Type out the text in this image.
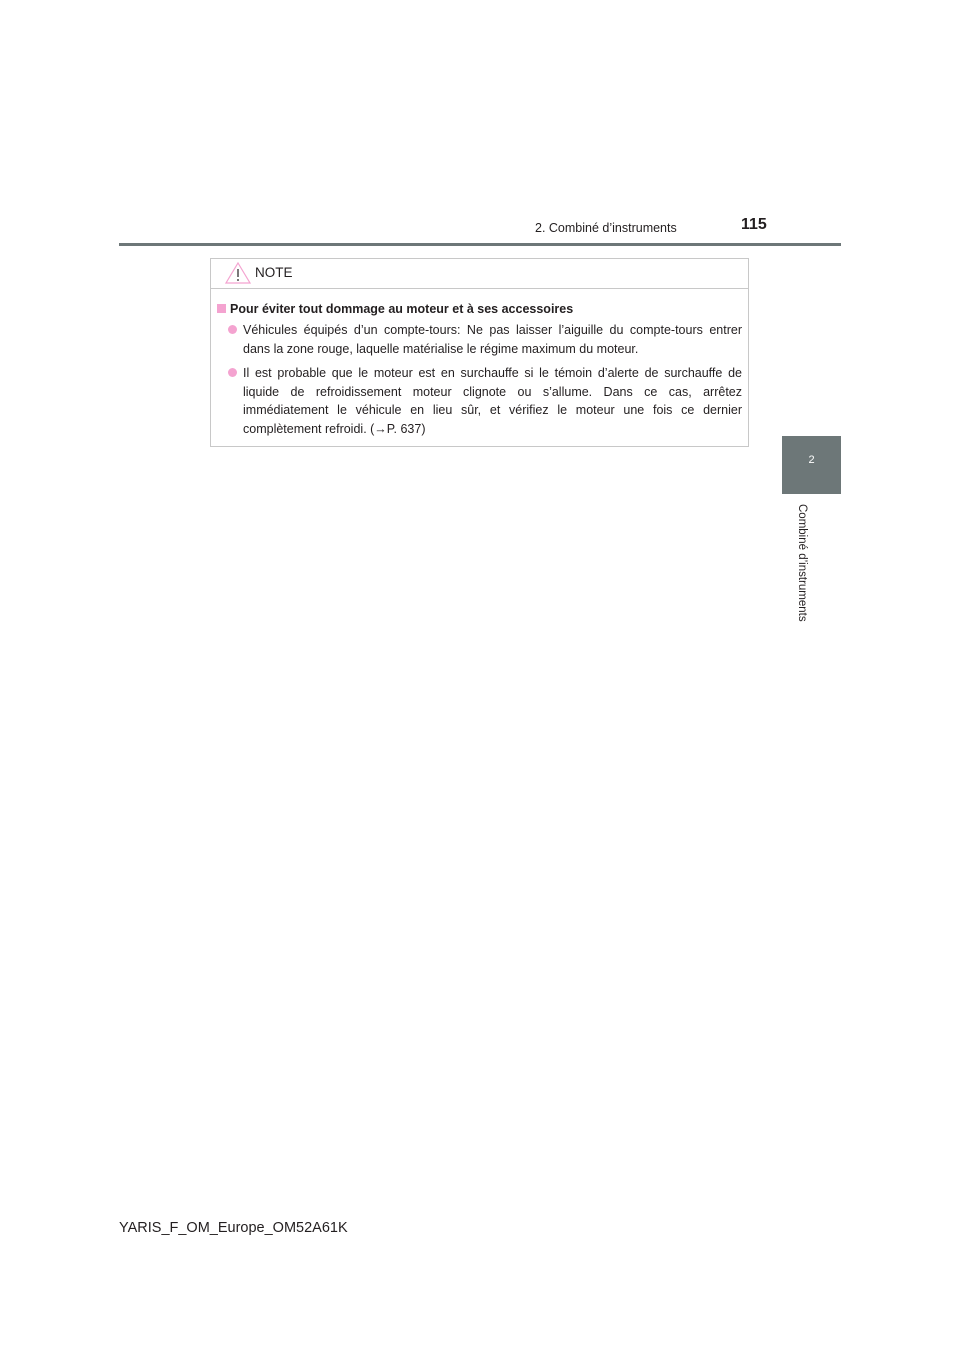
2. Combiné d’instruments	115
2
Combiné d’instruments
NOTE
Pour éviter tout dommage au moteur et à ses accessoires
Véhicules équipés d’un compte-tours: Ne pas laisser l’aiguille du compte-tours entrer dans la zone rouge, laquelle matérialise le régime maximum du moteur.
Il est probable que le moteur est en surchauffe si le témoin d’alerte de surchauffe de liquide de refroidissement moteur clignote ou s’allume. Dans ce cas, arrêtez immédiatement le véhicule en lieu sûr, et vérifiez le moteur une fois ce dernier complètement refroidi. (→P. 637)
YARIS_F_OM_Europe_OM52A61K
